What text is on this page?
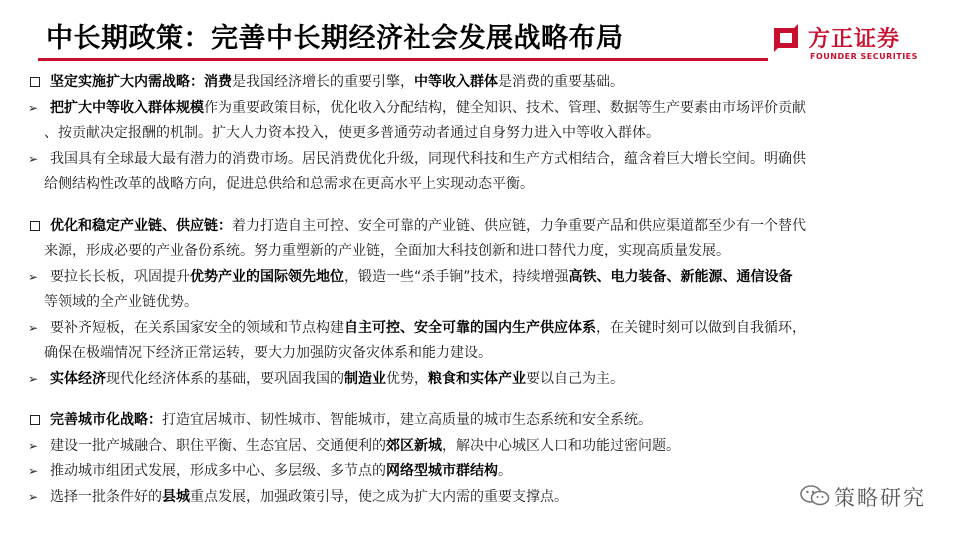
中长期政策：完善中长期经济社会发展战略布局	方正证券
FOUNDER SECURITIES
坚定实施扩大内需战略：消费是我国经济增长的重要引擎，中等收入群体是消费的重要基础。
➢ 把扩大中等收入群体规模作为重要政策目标，优化收入分配结构，健全知识、技术、管理、数据等生产要素由市场评价贡献
、按贡献决定报酬的机制。扩大人力资本投入，使更多普通劳动者通过自身努力进入中等收入群体。
➢ 我国具有全球最大最有潜力的消费市场。居民消费优化升级，同现代科技和生产方式相结合，蕴含着巨大增长空间。明确供
给侧结构性改革的战略方向，促进总供给和总需求在更高水平上实现动态平衡。
优化和稳定产业链、供应链：着力打造自主可控、安全可靠的产业链、供应链，力争重要产品和供应渠道都至少有一个替代
来源，形成必要的产业备份系统。努力重塑新的产业链，全面加大科技创新和进口替代力度，实现高质量发展。
➢ 要拉长长板，巩固提升优势产业的国际领先地位，锻造一些“杀手锏”技术，持续增强高铁、电力装备、新能源、通信设备
等领域的全产业链优势。
➢ 要补齐短板，在关系国家安全的领域和节点构建自主可控、安全可靠的国内生产供应体系，在关键时刻可以做到自我循环，
确保在极端情况下经济正常运转，要大力加强防灾备灾体系和能力建设。
➢ 实体经济现代化经济体系的基础，要巩固我国的制造业优势，粮食和实体产业要以自己为主。
完善城市化战略：打造宜居城市、韧性城市、智能城市，建立高质量的城市生态系统和安全系统。
➢ 建设一批产城融合、职住平衡、生态宜居、交通便利的郊区新城，解决中心城区人口和功能过密问题。
➢ 推动城市组团式发展，形成多中心、多层级、多节点的网络型城市群结构。
➢ 选择一批条件好的县城重点发展，加强政策引导，使之成为扩大内需的重要支撑点。	策略研究
